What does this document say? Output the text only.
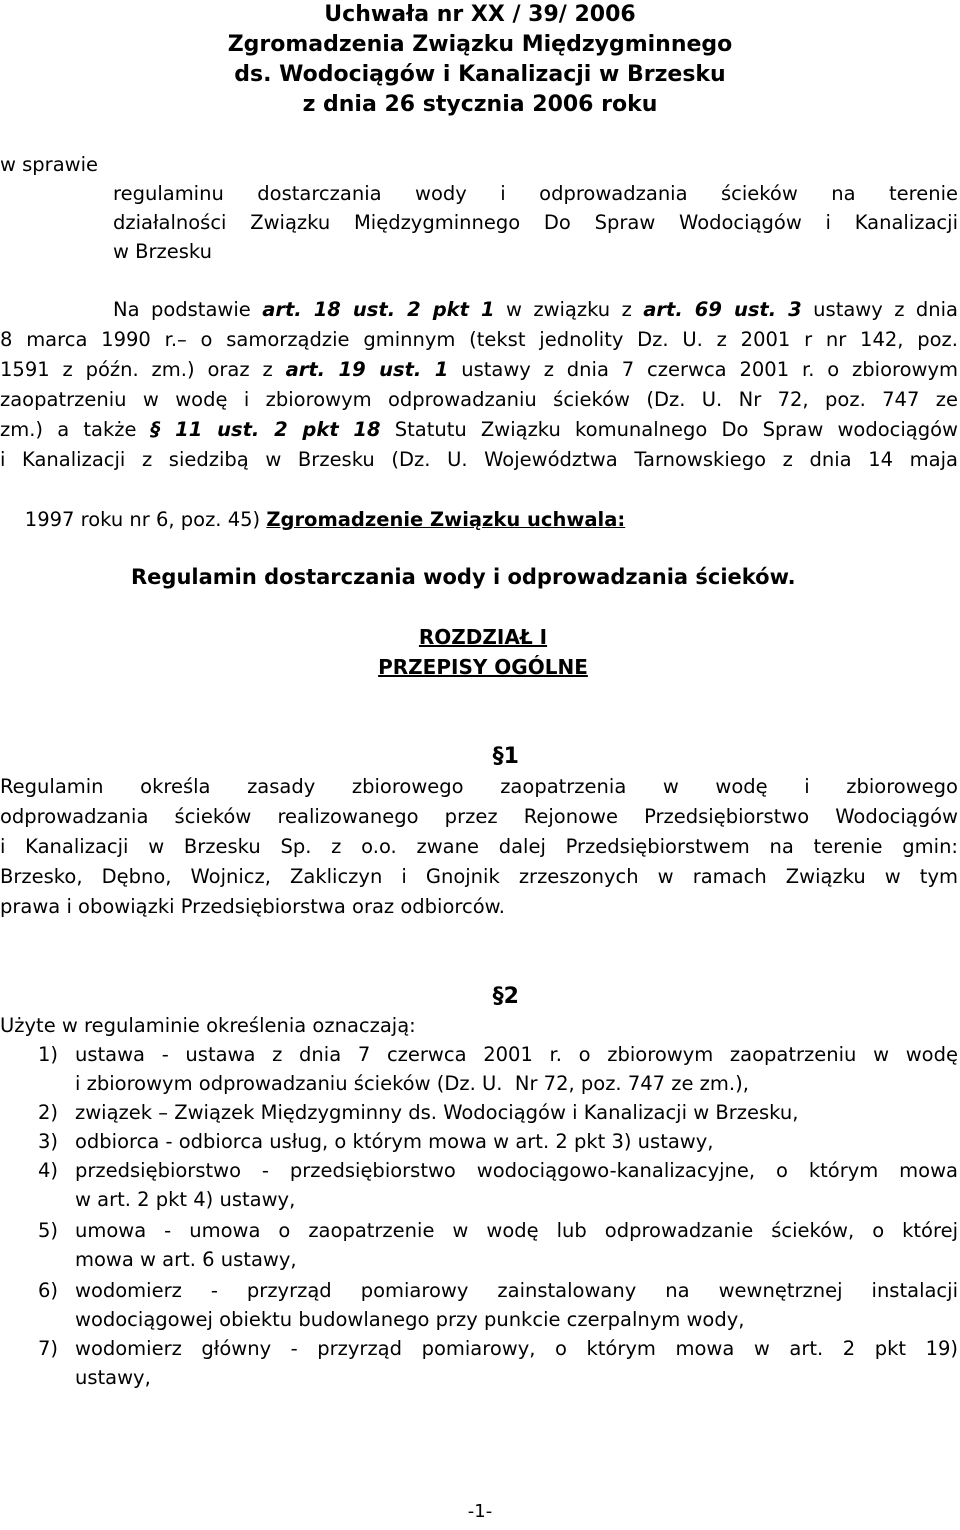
Uchwała nr XX / 39/ 2006
Zgromadzenia Związku Międzygminnego
ds. Wodociągów i Kanalizacji w Brzesku
z dnia 26 stycznia 2006 roku
w sprawie
regulaminu dostarczania wody i odprowadzania ścieków na terenie
działalności Związku Międzygminnego Do Spraw Wodociągów i Kanalizacji
w Brzesku
Na podstawie art. 18 ust. 2 pkt 1 w związku z art. 69 ust. 3 ustawy z dnia
8 marca 1990 r.– o samorządzie gminnym (tekst jednolity Dz. U. z 2001 r nr 142, poz.
1591 z późn. zm.) oraz z art. 19 ust. 1 ustawy z dnia 7 czerwca 2001 r. o zbiorowym
zaopatrzeniu w wodę i zbiorowym odprowadzaniu ścieków (Dz. U. Nr 72, poz. 747 ze
zm.) a także § 11 ust. 2 pkt 18 Statutu Związku komunalnego Do Spraw wodociągów
i Kanalizacji z siedzibą w Brzesku (Dz. U. Województwa Tarnowskiego z dnia 14 maja

1997 roku nr 6, poz. 45) Zgromadzenie Związku uchwala:

Regulamin dostarczania wody i odprowadzania ścieków.
ROZDZIAŁ I
PRZEPISY OGÓLNE

§1

Regulamin określa zasady zbiorowego zaopatrzenia w wodę i zbiorowego
odprowadzania ścieków realizowanego przez Rejonowe Przedsiębiorstwo Wodociągów
i Kanalizacji w Brzesku Sp. z o.o. zwane dalej Przedsiębiorstwem na terenie gmin:
Brzesko, Dębno, Wojnicz, Zakliczyn i Gnojnik zrzeszonych w ramach Związku w tym
prawa i obowiązki Przedsiębiorstwa oraz odbiorców.

§2

Użyte w regulaminie określenia oznaczają:
1) ustawa - ustawa z dnia 7 czerwca 2001 r. o zbiorowym zaopatrzeniu w wodę
i zbiorowym odprowadzaniu ścieków (Dz. U.  Nr 72, poz. 747 ze zm.),
2) związek – Związek Międzygminny ds. Wodociągów i Kanalizacji w Brzesku,
3) odbiorca - odbiorca usług, o którym mowa w art. 2 pkt 3) ustawy,
4) przedsiębiorstwo - przedsiębiorstwo wodociągowo-kanalizacyjne, o którym mowa
w art. 2 pkt 4) ustawy,
5) umowa - umowa o zaopatrzenie w wodę lub odprowadzanie ścieków, o której
mowa w art. 6 ustawy,
6) wodomierz - przyrząd pomiarowy zainstalowany na wewnętrznej instalacji
wodociągowej obiektu budowlanego przy punkcie czerpalnym wody,
7) wodomierz główny - przyrząd pomiarowy, o którym mowa w art. 2 pkt 19)
ustawy,
-1-
